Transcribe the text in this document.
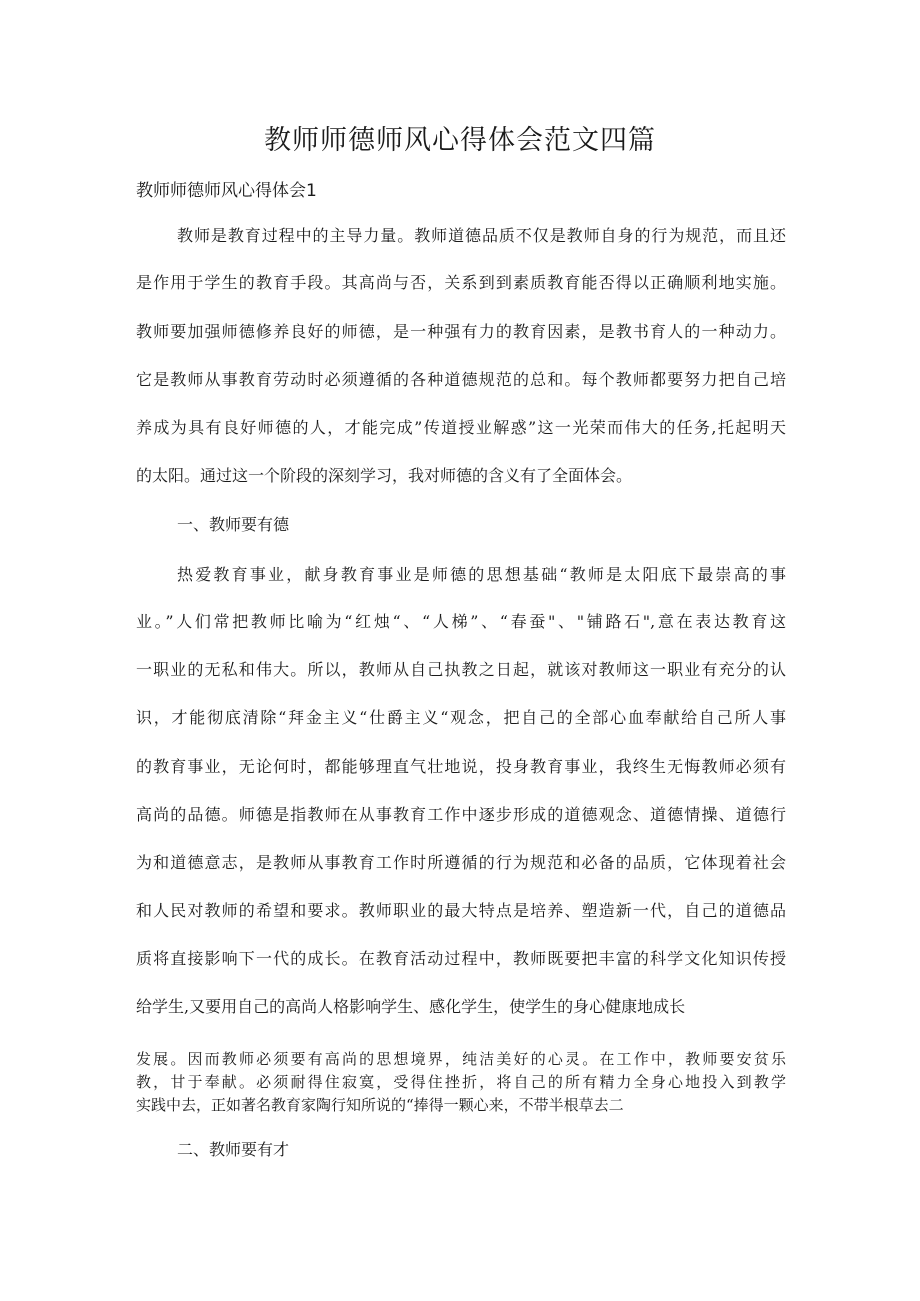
教师师德师风心得体会范文四篇

教师师德师风心得体会1

教师是教育过程中的主导力量。教师道德品质不仅是教师自身的行为规范，而且还

是作用于学生的教育手段。其高尚与否，关系到到素质教育能否得以正确顺利地实施。

教师要加强师德修养良好的师德，是一种强有力的教育因素，是教书育人的一种动力。

它是教师从事教育劳动时必须遵循的各种道德规范的总和。每个教师都要努力把自己培

养成为具有良好师德的人，才能完成”传道授业解惑”这一光荣而伟大的任务,托起明天

的太阳。通过这一个阶段的深刻学习，我对师德的含义有了全面体会。

一、教师要有德

热爱教育事业，献身教育事业是师德的思想基础“教师是太阳底下最崇高的事

业。”人们常把教师比喻为“红烛“、“人梯”、“春蚕"、"铺路石",意在表达教育这

一职业的无私和伟大。所以，教师从自己执教之日起，就该对教师这一职业有充分的认

识，才能彻底清除“拜金主义“仕爵主义“观念，把自己的全部心血奉献给自己所人事

的教育事业，无论何时，都能够理直气壮地说，投身教育事业，我终生无悔教师必须有

高尚的品德。师德是指教师在从事教育工作中逐步形成的道德观念、道德情操、道德行

为和道德意志，是教师从事教育工作时所遵循的行为规范和必备的品质，它体现着社会

和人民对教师的希望和要求。教师职业的最大特点是培养、塑造新一代，自己的道德品

质将直接影响下一代的成长。在教育活动过程中，教师既要把丰富的科学文化知识传授

给学生,又要用自己的高尚人格影响学生、感化学生，使学生的身心健康地成长

发展。因而教师必须要有高尚的思想境界，纯洁美好的心灵。在工作中，教师要安贫乐

教，甘于奉献。必须耐得住寂寞，受得住挫折，将自己的所有精力全身心地投入到教学

实践中去，正如著名教育家陶行知所说的“捧得一颗心来，不带半根草去二

二、教师要有才
